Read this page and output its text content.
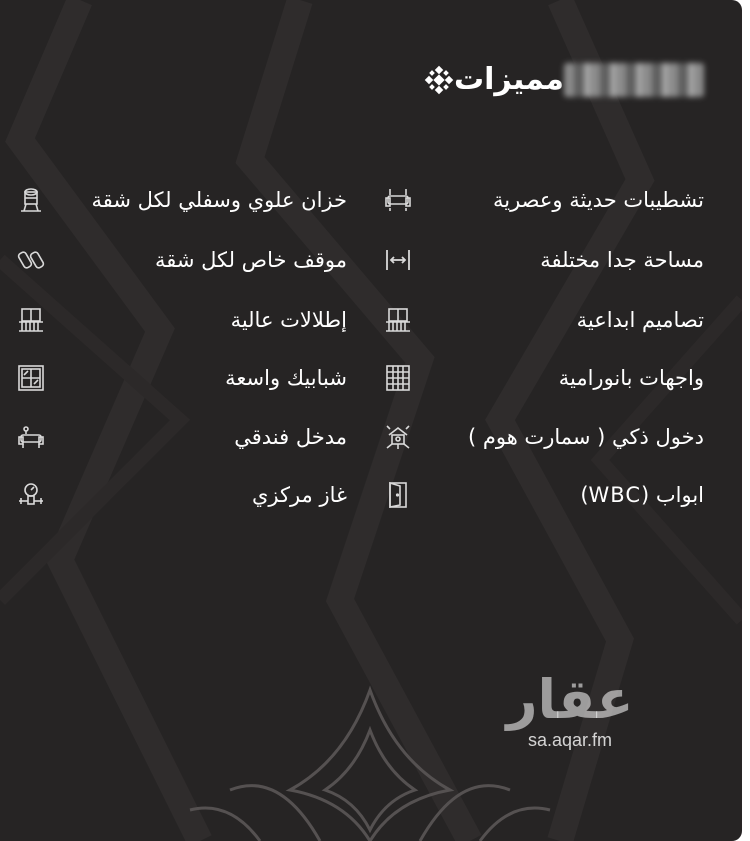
مميزات
تشطيبات حديثة وعصرية
مساحة جدا مختلفة
تصاميم ابداعية
واجهات بانورامية
دخول ذكي ( سمارت هوم )
ابواب (WBC)
خزان علوي وسفلي لكل شقة
موقف خاص لكل شقة
إطلالات عالية
شبابيك واسعة
مدخل فندقي
غاز مركزي
عقار
sa.aqar.fm
